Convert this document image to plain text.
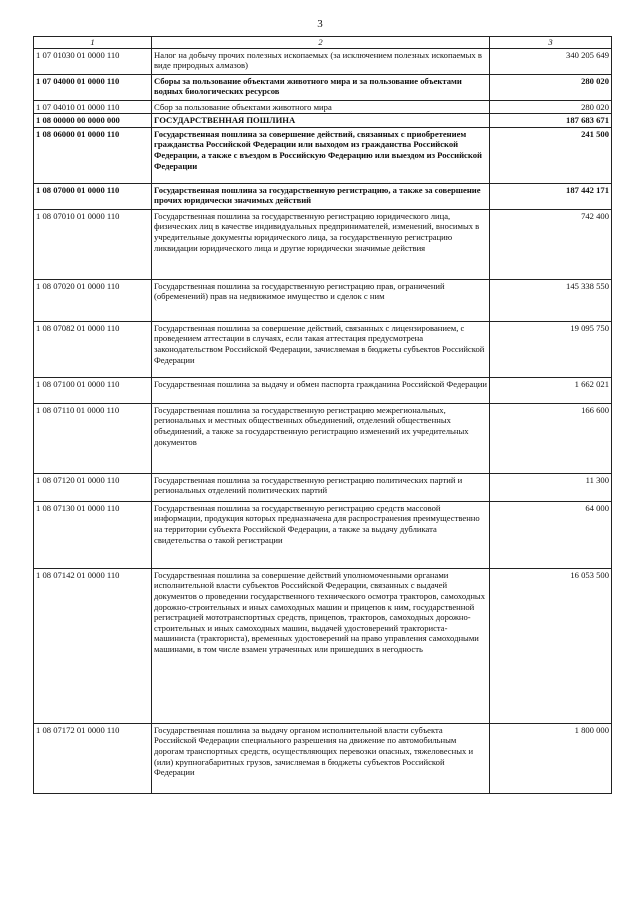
3
1	2	3
1 07 01030 01 0000 110	Налог на добычу прочих полезных ископаемых (за исключением полезных ископаемых в виде природных алмазов)	340 205 649
1 07 04000 01 0000 110	Сборы за пользование объектами животного мира и за пользование объектами водных биологических ресурсов	280 020
1 07 04010 01 0000 110	Сбор за пользование объектами животного мира	280 020
1 08 00000 00 0000 000	ГОСУДАРСТВЕННАЯ ПОШЛИНА	187 683 671
1 08 06000 01 0000 110	Государственная пошлина за совершение действий, связанных с приобретением гражданства Российской Федерации или выходом из гражданства Российской Федерации, а также с въездом в Российскую Федерацию или выездом из Российской Федерации	241 500
1 08 07000 01 0000 110	Государственная пошлина за государственную регистрацию, а также за совершение прочих юридически значимых действий	187 442 171
1 08 07010 01 0000 110	Государственная пошлина за государственную регистрацию юридического лица, физических лиц в качестве индивидуальных предпринимателей, изменений, вносимых в учредительные документы юридического лица, за государственную регистрацию ликвидации юридического лица и другие юридически значимые действия	742 400
1 08 07020 01 0000 110	Государственная пошлина за государственную регистрацию прав, ограничений (обременений) прав на недвижимое имущество и сделок с ним	145 338 550
1 08 07082 01 0000 110	Государственная пошлина за совершение действий, связанных с лицензированием, с проведением аттестации в случаях, если такая аттестация предусмотрена законодательством Российской Федерации, зачисляемая в бюджеты субъектов Российской Федерации	19 095 750
1 08 07100 01 0000 110	Государственная пошлина за выдачу и обмен паспорта гражданина Российской Федерации	1 662 021
1 08 07110 01 0000 110	Государственная пошлина за государственную регистрацию межрегиональных, региональных и местных общественных объединений, отделений общественных объединений, а также за государственную регистрацию изменений их учредительных документов	166 600
1 08 07120 01 0000 110	Государственная пошлина за государственную регистрацию политических партий и региональных отделений политических партий	11 300
1 08 07130 01 0000 110	Государственная пошлина за государственную регистрацию средств массовой информации, продукция которых предназначена для распространения преимущественно на территории субъекта Российской Федерации, а также за выдачу дубликата свидетельства о такой регистрации	64 000
1 08 07142 01 0000 110	Государственная пошлина за совершение действий уполномоченными органами исполнительной власти субъектов Российской Федерации, связанных с выдачей документов о проведении государственного технического осмотра тракторов, самоходных дорожно-строительных и иных самоходных машин и прицепов к ним, государственной регистрацией мототранспортных средств, прицепов, тракторов, самоходных дорожно-строительных и иных самоходных машин, выдачей удостоверений тракториста-машиниста (тракториста), временных удостоверений на право управления самоходными машинами, в том числе взамен утраченных или пришедших в негодность	16 053 500
1 08 07172 01 0000 110	Государственная пошлина за выдачу органом исполнительной власти субъекта Российской Федерации специального разрешения на движение по автомобильным дорогам транспортных средств, осуществляющих перевозки опасных, тяжеловесных и (или) крупногабаритных грузов, зачисляемая в бюджеты субъектов Российской Федерации	1 800 000
